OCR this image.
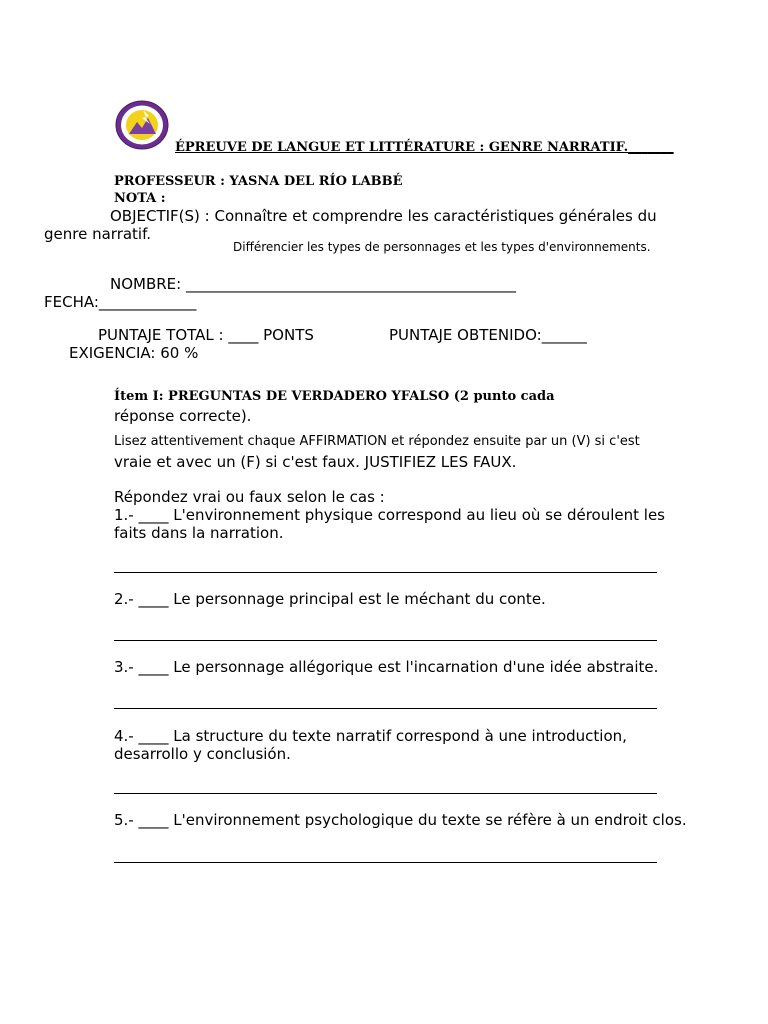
ÉPREUVE DE LANGUE ET LITTÉRATURE : GENRE NARRATIF._______
PROFESSEUR : YASNA DEL RÍO LABBÉ
NOTA :
OBJECTIF(S) : Connaître et comprendre les caractéristiques générales du
genre narratif.
Différencier les types de personnages et les types d'environnements.
NOMBRE: ____________________________________________
FECHA:_____________
PUNTAJE TOTAL : ____ PONTS	PUNTAJE OBTENIDO:______
EXIGENCIA: 60 %
Ítem I: PREGUNTAS DE VERDADERO YFALSO (2 punto cada
réponse correcte).
Lisez attentivement chaque AFFIRMATION et répondez ensuite par un (V) si c'est
vraie et avec un (F) si c'est faux. JUSTIFIEZ LES FAUX.
Répondez vrai ou faux selon le cas :
1.- ____ L'environnement physique correspond au lieu où se déroulent les
faits dans la narration.
2.- ____ Le personnage principal est le méchant du conte.
3.- ____ Le personnage allégorique est l'incarnation d'une idée abstraite.
4.- ____ La structure du texte narratif correspond à une introduction,
desarrollo y conclusión.
5.- ____ L'environnement psychologique du texte se réfère à un endroit clos.
